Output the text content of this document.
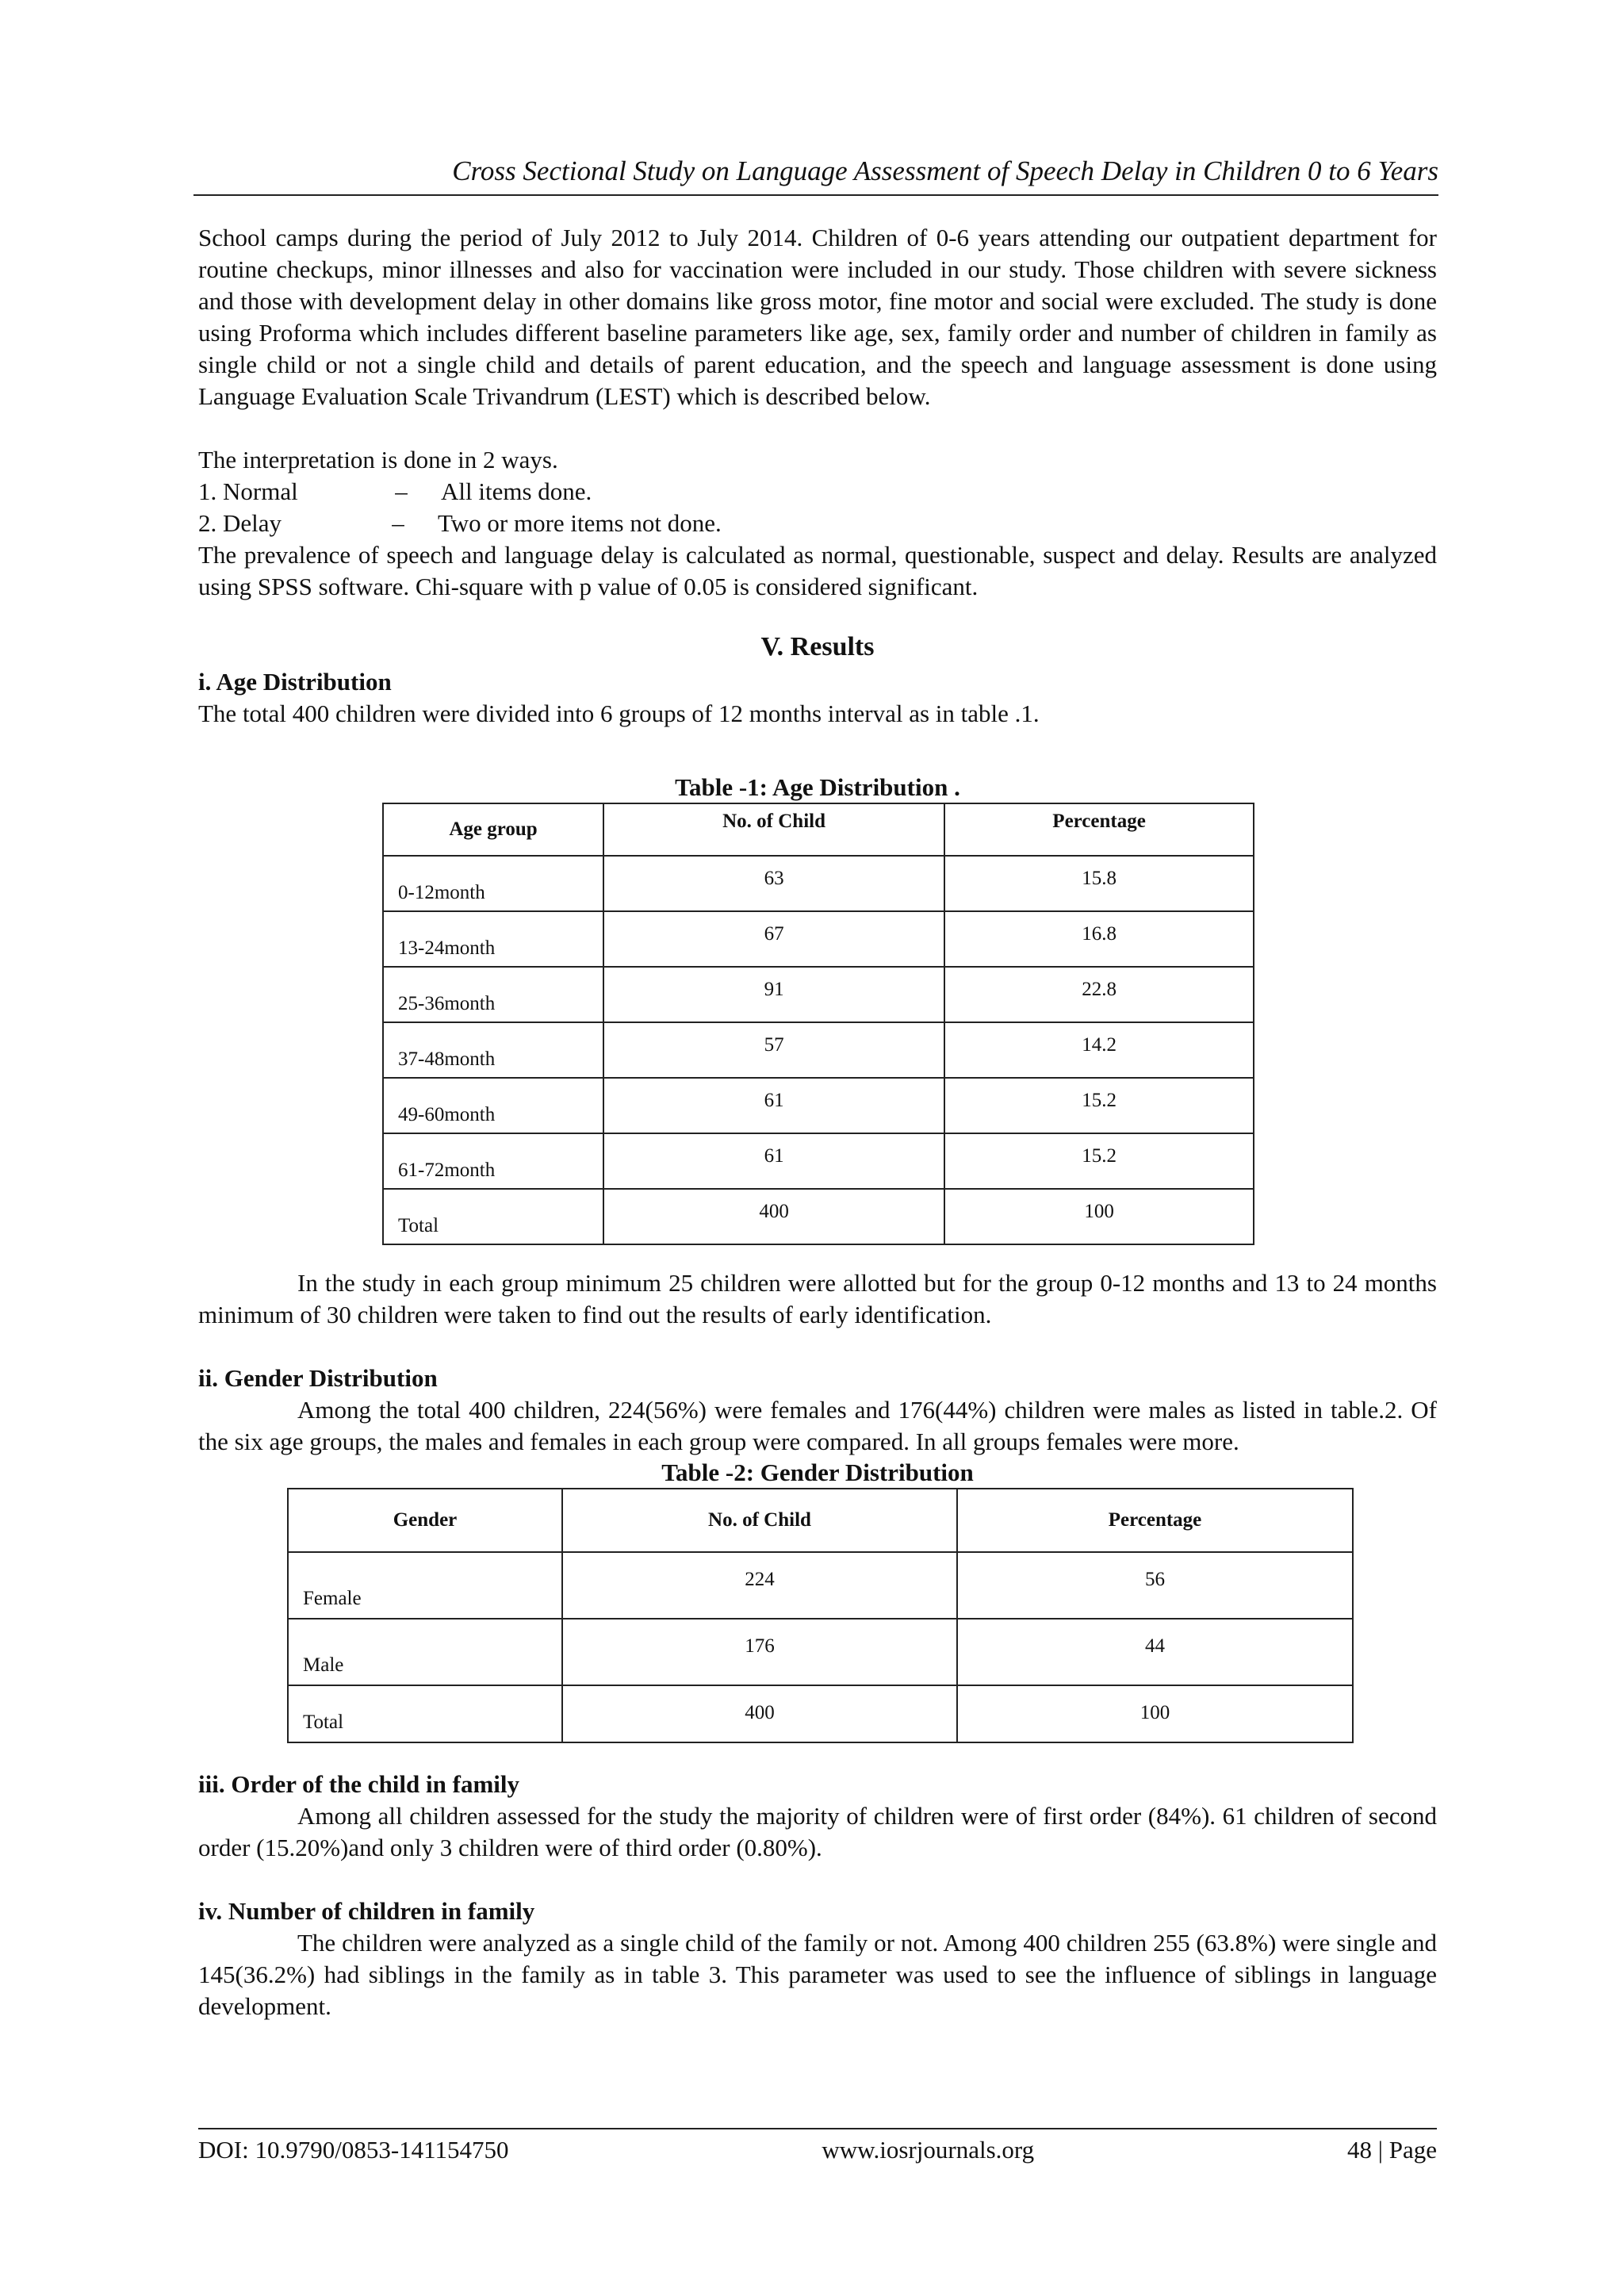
Cross Sectional Study on Language Assessment of Speech Delay in Children 0 to 6 Years

School camps during the period of July 2012 to July 2014. Children of 0-6 years attending our outpatient department for routine checkups, minor illnesses and also for vaccination were included in our study. Those children with severe sickness and those with development delay in other domains like gross motor, fine motor and social were excluded. The study is done using Proforma which includes different baseline parameters like age, sex, family order and number of children in family as single child or not a single child and details of parent education, and the speech and language assessment is done using Language Evaluation Scale Trivandrum (LEST) which is described below.

The interpretation is done in 2 ways.

1. Normal	–	All items done.
2. Delay	–	Two or more items not done.

The prevalence of speech and language delay is calculated as normal, questionable, suspect and delay. Results are analyzed using SPSS software. Chi-square with p value of 0.05 is considered significant.

V. Results
i. Age Distribution

The total 400 children were divided into 6 groups of 12 months interval as in table .1.

Table -1: Age Distribution .
Age group	No. of Child	Percentage
0-12month	63	15.8
13-24month	67	16.8
25-36month	91	22.8
37-48month	57	14.2
49-60month	61	15.2
61-72month	61	15.2
Total	400	100

In the study in each group minimum 25 children were allotted but for the group 0-12 months and 13 to 24 months minimum of 30 children were taken to find out the results of early identification.

ii. Gender Distribution

Among the total 400 children, 224(56%) were females and 176(44%) children were males as listed in table.2. Of the six age groups, the males and females in each group were compared. In all groups females were more.

Table -2: Gender Distribution
Gender	No. of Child	Percentage
Female	224	56
Male	176	44
Total	400	100
iii. Order of the child in family

Among all children assessed for the study the majority of children were of first order (84%). 61 children of second order (15.20%)and only 3 children were of third order (0.80%).

iv. Number of children in family

The children were analyzed as a single child of the family or not. Among 400 children 255 (63.8%) were single and 145(36.2%) had siblings in the family as in table 3. This parameter was used to see the influence of siblings in language development.

DOI: 10.9790/0853-141154750	www.iosrjournals.org	48 | Page
